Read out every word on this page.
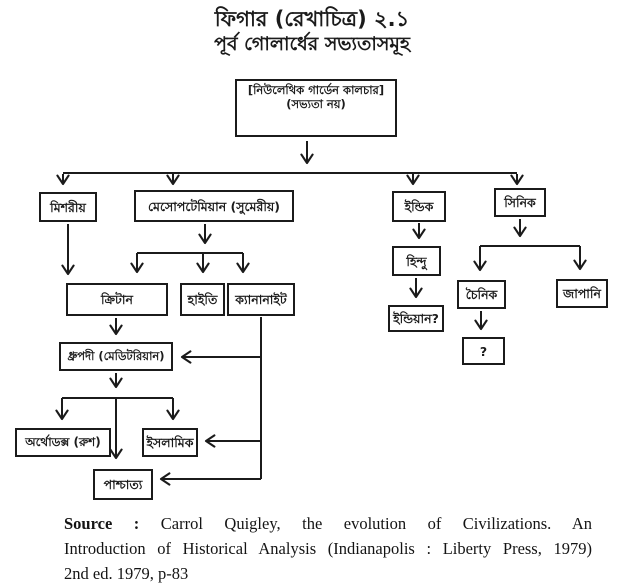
ফিগার (রেখাচিত্র) ২.১
পূর্ব গোলার্ধের সভ্যতাসমূহ
[নিউলেথিক গার্ডেন কালচার]
(সভ্যতা নয়)
মিশরীয়	মেসোপটেমিয়ান (সুমেরীয়)	ইন্ডিক	সিনিক
ক্রিটান	হাইতি	ক্যানানাইট
ধ্রুপদী (মেডিটরিয়ান)
হিন্দু
ইন্ডিয়ান?
চৈনিক	জাপানি
?
অর্থোডক্স (রুশ)	ইসলামিক
পাশ্চাত্য
Source : Carrol Quigley, the evolution of Civilizations. An
Introduction of Historical Analysis (Indianapolis : Liberty Press, 1979)
2nd ed. 1979, p-83
